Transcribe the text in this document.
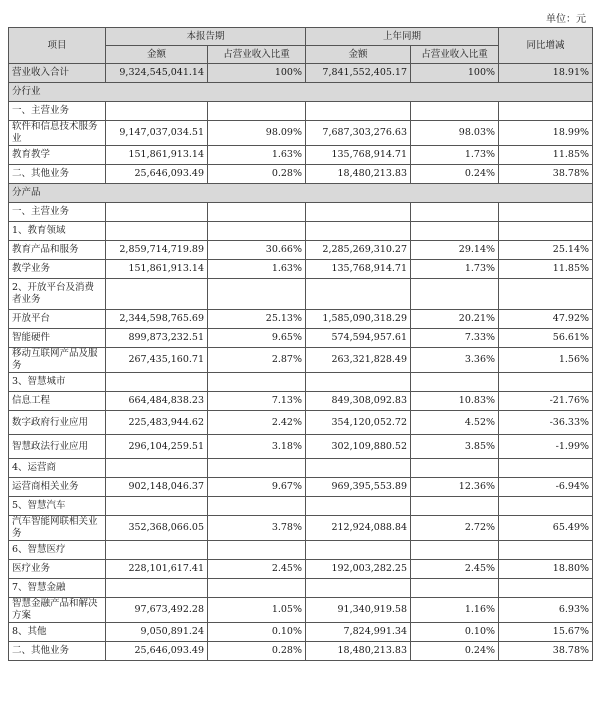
单位：元
项目	本报告期		上年同期		同比增减
	金额	占营业收入比重	金额	占营业收入比重	
营业收入合计	9,324,545,041.14	100%	7,841,552,405.17	100%	18.91%
分行业					
一、主营业务					
软件和信息技术服务业	9,147,037,034.51	98.09%	7,687,303,276.63	98.03%	18.99%
教育教学	151,861,913.14	1.63%	135,768,914.71	1.73%	11.85%
二、其他业务	25,646,093.49	0.28%	18,480,213.83	0.24%	38.78%
分产品					
一、主营业务					
1、教育领域					
教育产品和服务	2,859,714,719.89	30.66%	2,285,269,310.27	29.14%	25.14%
教学业务	151,861,913.14	1.63%	135,768,914.71	1.73%	11.85%
2、开放平台及消费者业务					
开放平台	2,344,598,765.69	25.13%	1,585,090,318.29	20.21%	47.92%
智能硬件	899,873,232.51	9.65%	574,594,957.61	7.33%	56.61%
移动互联网产品及服务	267,435,160.71	2.87%	263,321,828.49	3.36%	1.56%
3、智慧城市					
信息工程	664,484,838.23	7.13%	849,308,092.83	10.83%	-21.76%
数字政府行业应用	225,483,944.62	2.42%	354,120,052.72	4.52%	-36.33%
智慧政法行业应用	296,104,259.51	3.18%	302,109,880.52	3.85%	-1.99%
4、运营商					
运营商相关业务	902,148,046.37	9.67%	969,395,553.89	12.36%	-6.94%
5、智慧汽车					
汽车智能网联相关业务	352,368,066.05	3.78%	212,924,088.84	2.72%	65.49%
6、智慧医疗					
医疗业务	228,101,617.41	2.45%	192,003,282.25	2.45%	18.80%
7、智慧金融					
智慧金融产品和解决方案	97,673,492.28	1.05%	91,340,919.58	1.16%	6.93%
8、其他	9,050,891.24	0.10%	7,824,991.34	0.10%	15.67%
二、其他业务	25,646,093.49	0.28%	18,480,213.83	0.24%	38.78%
